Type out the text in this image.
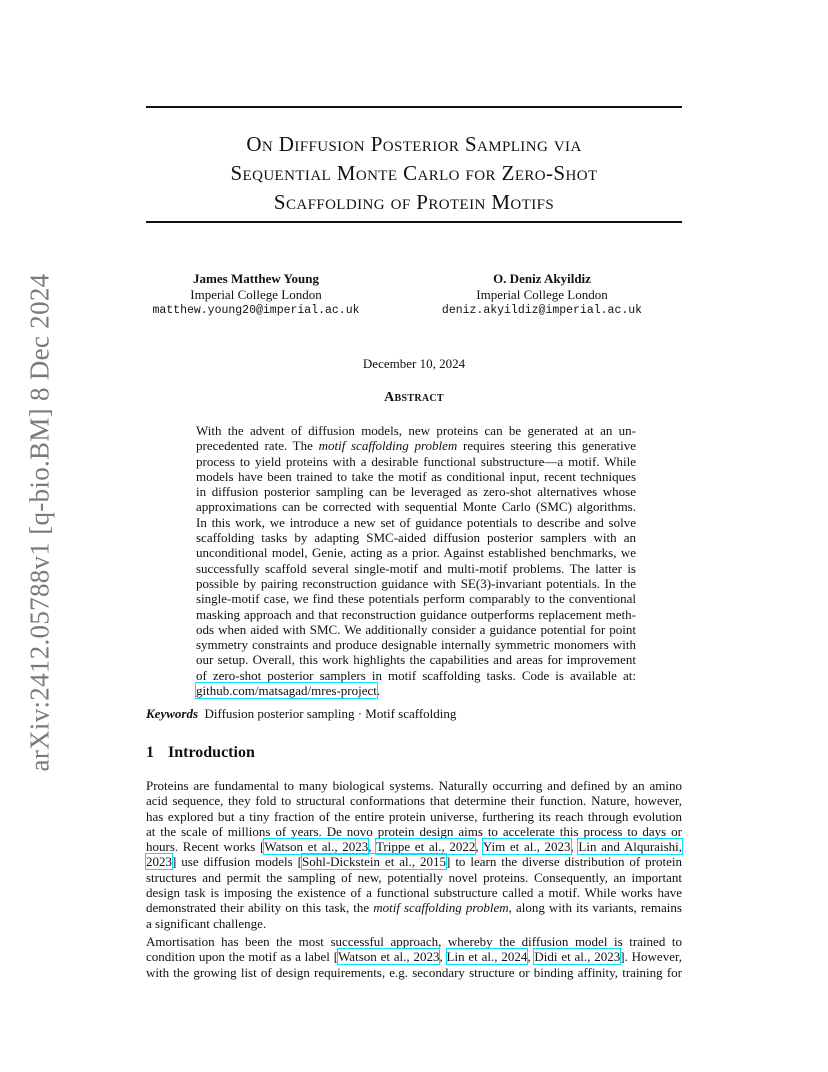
arXiv:2412.05788v1 [q-bio.BM] 8 Dec 2024
On Diffusion Posterior Sampling via
Sequential Monte Carlo for Zero-Shot
Scaffolding of Protein Motifs
James Matthew Young
Imperial College London
matthew.young20@imperial.ac.uk
O. Deniz Akyildiz
Imperial College London
deniz.akyildiz@imperial.ac.uk
December 10, 2024
Abstract
With the advent of diffusion models, new proteins can be generated at an un-
precedented rate. The motif scaffolding problem requires steering this generative
process to yield proteins with a desirable functional substructure—a motif. While
models have been trained to take the motif as conditional input, recent techniques
in diffusion posterior sampling can be leveraged as zero-shot alternatives whose
approximations can be corrected with sequential Monte Carlo (SMC) algorithms.
In this work, we introduce a new set of guidance potentials to describe and solve
scaffolding tasks by adapting SMC-aided diffusion posterior samplers with an
unconditional model, Genie, acting as a prior. Against established benchmarks, we
successfully scaffold several single-motif and multi-motif problems. The latter is
possible by pairing reconstruction guidance with SE(3)-invariant potentials. In the
single-motif case, we find these potentials perform comparably to the conventional
masking approach and that reconstruction guidance outperforms replacement meth-
ods when aided with SMC. We additionally consider a guidance potential for point
symmetry constraints and produce designable internally symmetric monomers with
our setup. Overall, this work highlights the capabilities and areas for improvement
of zero-shot posterior samplers in motif scaffolding tasks. Code is available at:
github.com/matsagad/mres-project.
Keywords Diffusion posterior sampling · Motif scaffolding
1 Introduction
Proteins are fundamental to many biological systems. Naturally occurring and defined by an amino
acid sequence, they fold to structural conformations that determine their function. Nature, however,
has explored but a tiny fraction of the entire protein universe, furthering its reach through evolution
at the scale of millions of years. De novo protein design aims to accelerate this process to days or
hours. Recent works [Watson et al., 2023, Trippe et al., 2022, Yim et al., 2023, Lin and Alquraishi,
2023] use diffusion models [Sohl-Dickstein et al., 2015] to learn the diverse distribution of protein
structures and permit the sampling of new, potentially novel proteins. Consequently, an important
design task is imposing the existence of a functional substructure called a motif. While works have
demonstrated their ability on this task, the motif scaffolding problem, along with its variants, remains
a significant challenge.
Amortisation has been the most successful approach, whereby the diffusion model is trained to
condition upon the motif as a label [Watson et al., 2023, Lin et al., 2024, Didi et al., 2023]. However,
with the growing list of design requirements, e.g. secondary structure or binding affinity, training for
